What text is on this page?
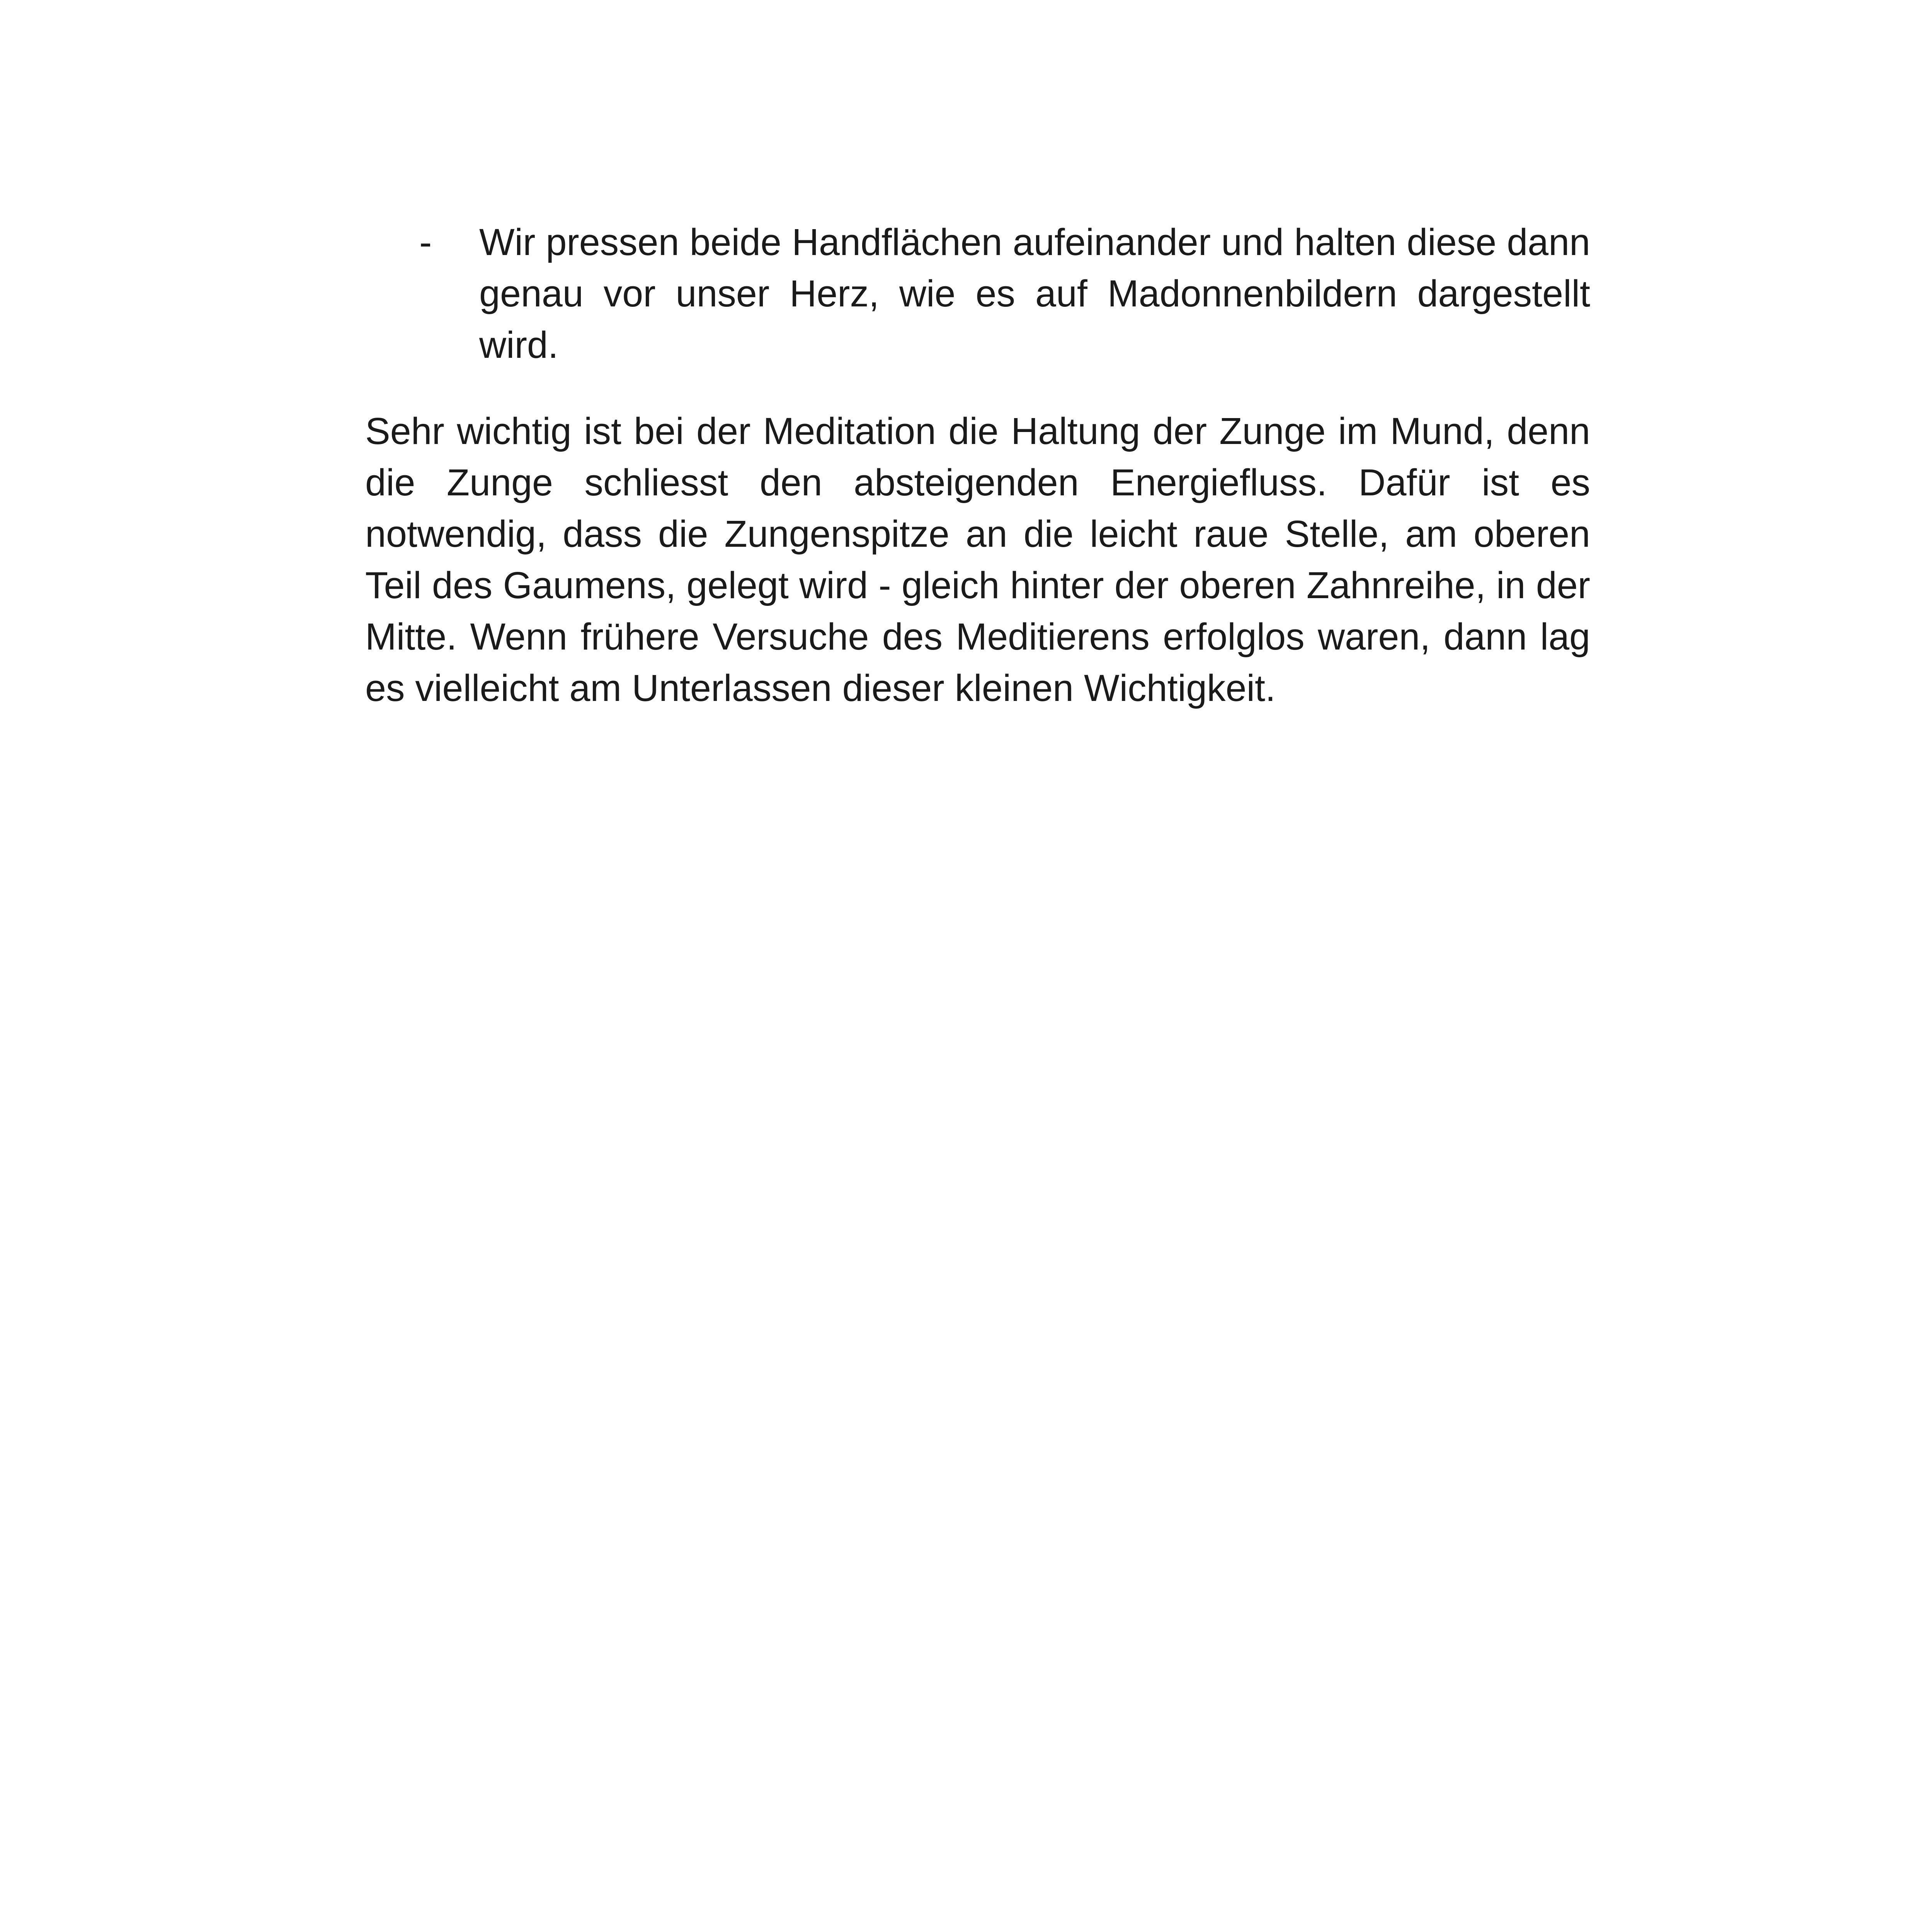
- Wir pressen beide Handflächen aufeinander und halten diese dann genau vor unser Herz, wie es auf Madonnenbildern dargestellt wird.

Sehr wichtig ist bei der Meditation die Haltung der Zunge im Mund, denn die Zunge schliesst den absteigenden Energiefluss. Dafür ist es notwendig, dass die Zungenspitze an die leicht raue Stelle, am oberen Teil des Gaumens, gelegt wird - gleich hinter der oberen Zahnreihe, in der Mitte. Wenn frühere Versuche des Meditierens erfolglos waren, dann lag es vielleicht am Unterlassen dieser kleinen Wichtigkeit.
